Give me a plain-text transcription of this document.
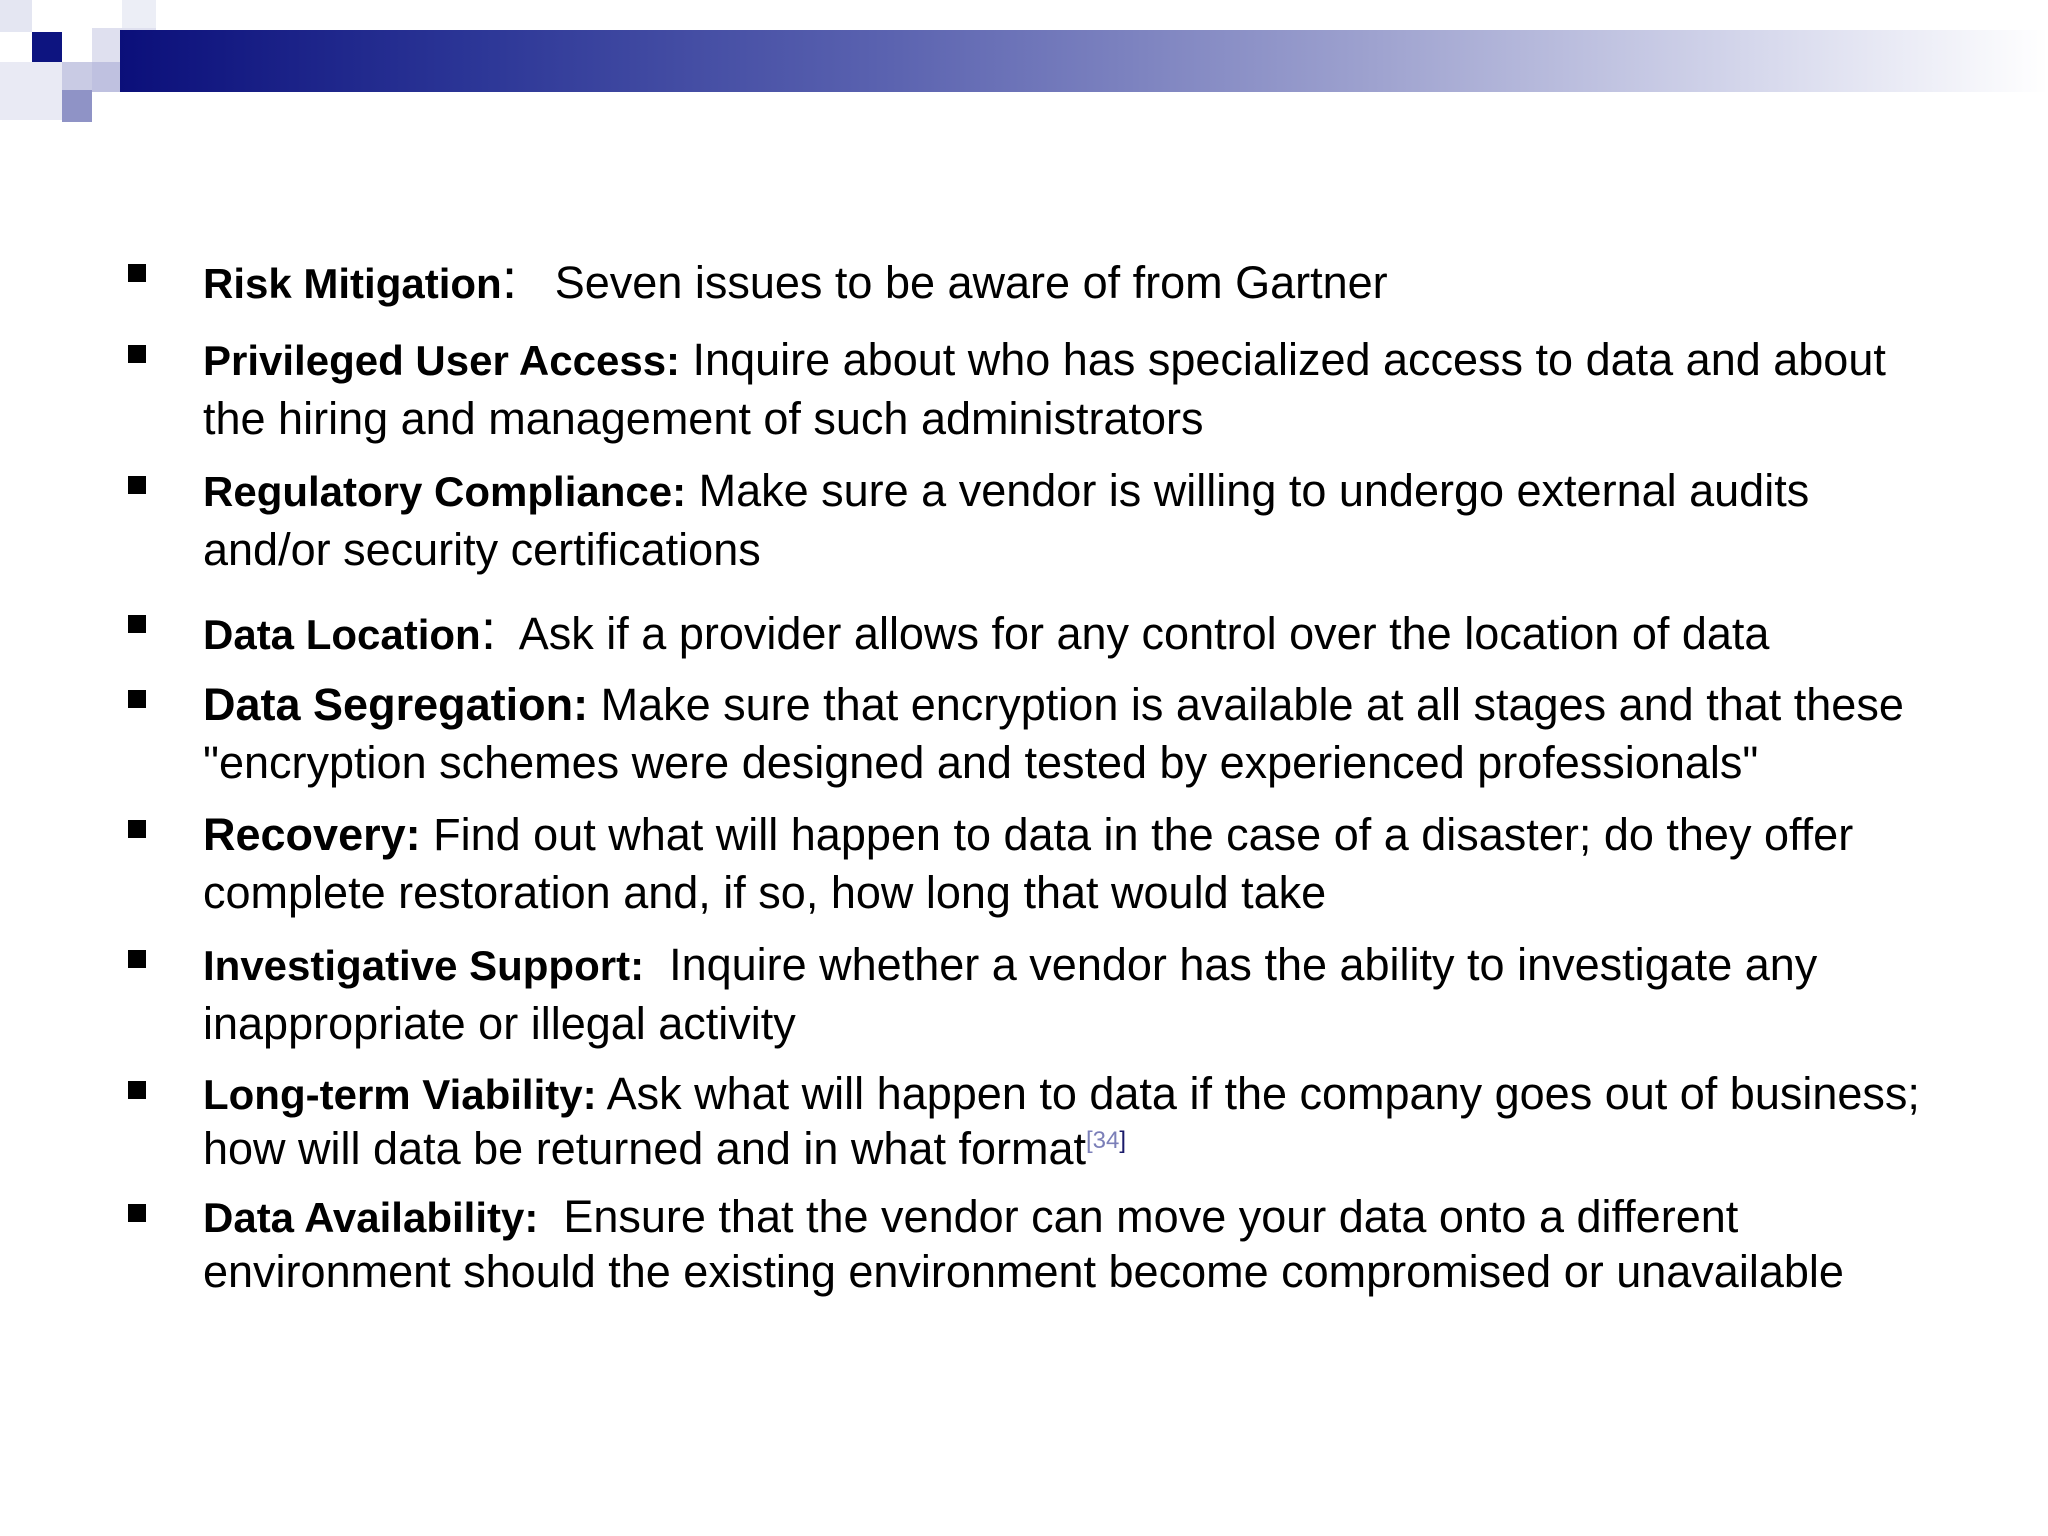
Risk Mitigation:   Seven issues to be aware of from Gartner
Privileged User Access: Inquire about who has specialized access to data and about the hiring and management of such administrators
Regulatory Compliance: Make sure a vendor is willing to undergo external audits and/or security certifications
Data Location:  Ask if a provider allows for any control over the location of data
Data Segregation: Make sure that encryption is available at all stages and that these "encryption schemes were designed and tested by experienced professionals"
Recovery: Find out what will happen to data in the case of a disaster; do they offer complete restoration and, if so, how long that would take
Investigative Support:  Inquire whether a vendor has the ability to investigate any inappropriate or illegal activity
Long-term Viability: Ask what will happen to data if the company goes out of business; how will data be returned and in what format[34]
Data Availability:  Ensure that the vendor can move your data onto a different environment should the existing environment become compromised or unavailable
